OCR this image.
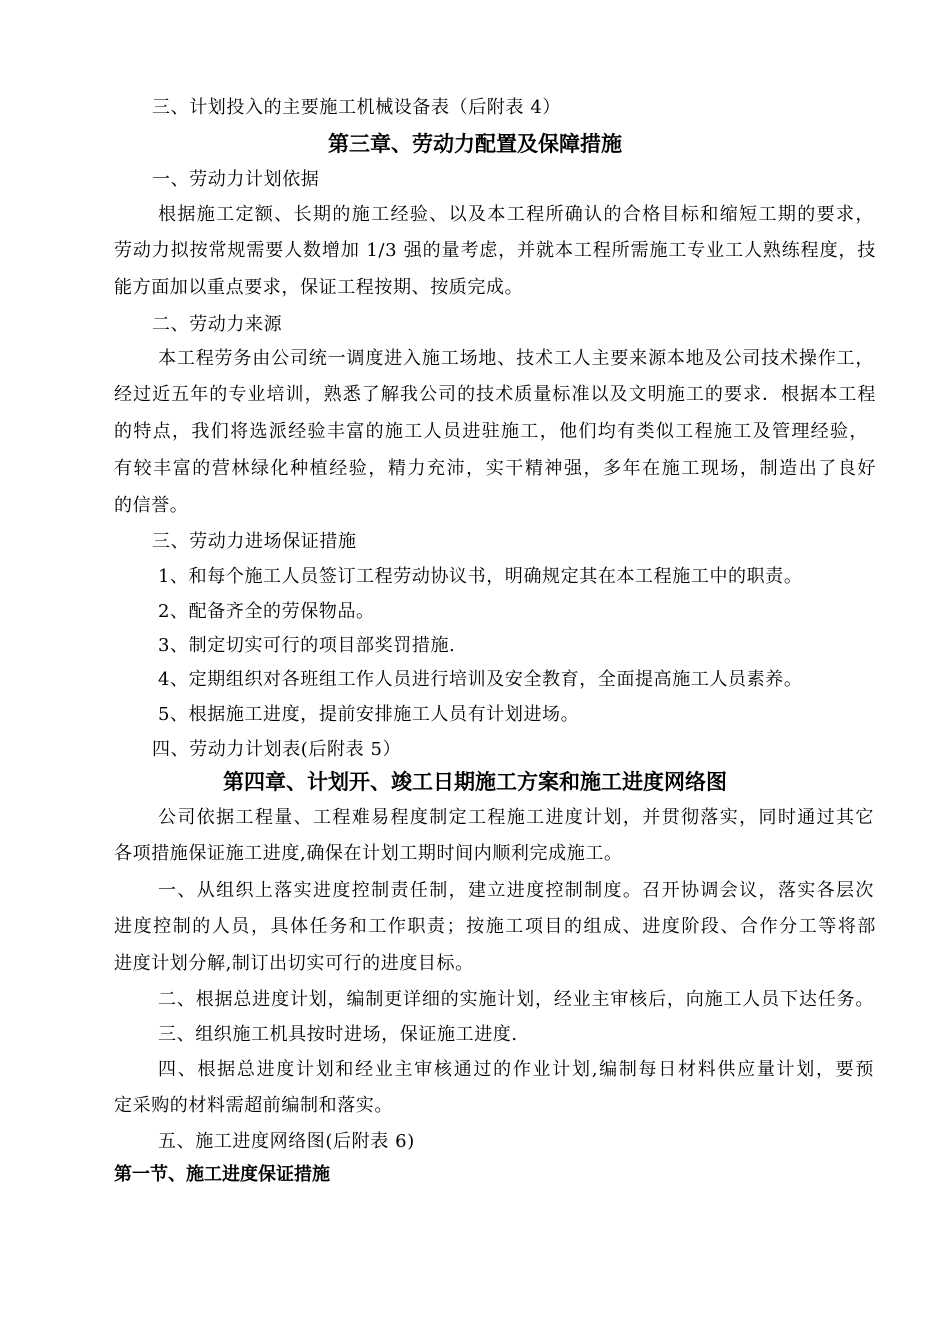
三、计划投入的主要施工机械设备表（后附表 4）
第三章、劳动力配置及保障措施
一、劳动力计划依据
根据施工定额、长期的施工经验、以及本工程所确认的合格目标和缩短工期的要求，
劳动力拟按常规需要人数增加 1/3 强的量考虑，并就本工程所需施工专业工人熟练程度，技
能方面加以重点要求，保证工程按期、按质完成。
二、劳动力来源
本工程劳务由公司统一调度进入施工场地、技术工人主要来源本地及公司技术操作工，
经过近五年的专业培训，熟悉了解我公司的技术质量标准以及文明施工的要求．根据本工程
的特点，我们将选派经验丰富的施工人员进驻施工，他们均有类似工程施工及管理经验，
有较丰富的营林绿化种植经验，精力充沛，实干精神强，多年在施工现场，制造出了良好
的信誉。
三、劳动力进场保证措施
1、和每个施工人员签订工程劳动协议书，明确规定其在本工程施工中的职责。
2、配备齐全的劳保物品。
3、制定切实可行的项目部奖罚措施.
4、定期组织对各班组工作人员进行培训及安全教育，全面提高施工人员素养。
5、根据施工进度，提前安排施工人员有计划进场。
四、劳动力计划表(后附表 5）
第四章、计划开、竣工日期施工方案和施工进度网络图
公司依据工程量、工程难易程度制定工程施工进度计划，并贯彻落实，同时通过其它
各项措施保证施工进度,确保在计划工期时间内顺利完成施工。
一、从组织上落实进度控制责任制，建立进度控制制度。召开协调会议，落实各层次
进度控制的人员，具体任务和工作职责；按施工项目的组成、进度阶段、合作分工等将部
进度计划分解,制订出切实可行的进度目标。
二、根据总进度计划，编制更详细的实施计划，经业主审核后，向施工人员下达任务。
三、组织施工机具按时进场，保证施工进度.
四、根据总进度计划和经业主审核通过的作业计划,编制每日材料供应量计划，要预
定采购的材料需超前编制和落实。
五、施工进度网络图(后附表 6)
第一节、施工进度保证措施
